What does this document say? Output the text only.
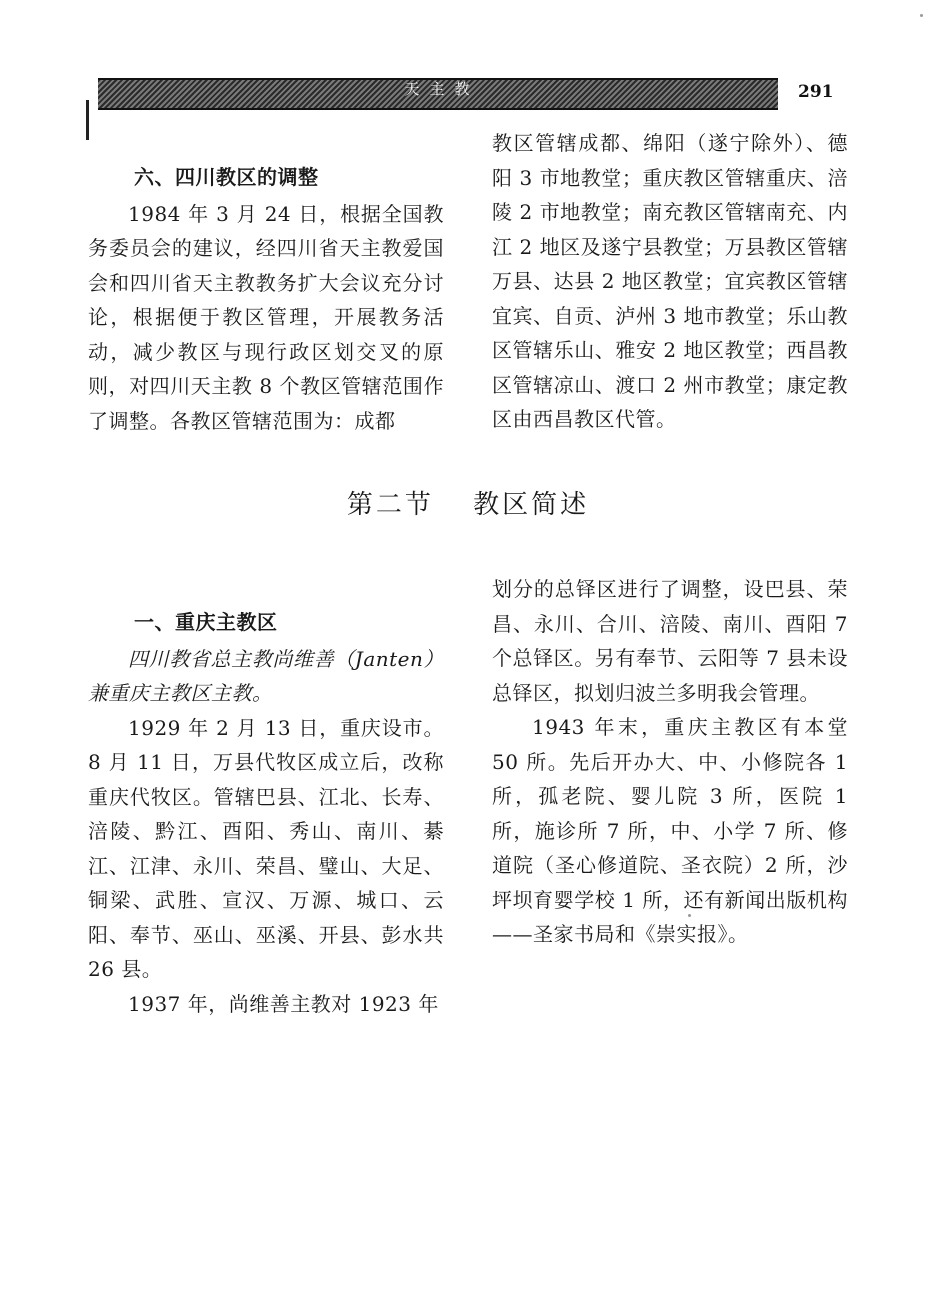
天主教	291
六、四川教区的调整

1984 年 3 月 24 日，根据全国教务委员会的建议，经四川省天主教爱国会和四川省天主教教务扩大会议充分讨论，根据便于教区管理，开展教务活动，减少教区与现行政区划交叉的原则，对四川天主教 8 个教区管辖范围作了调整。各教区管辖范围为：成都

教区管辖成都、绵阳（遂宁除外）、德阳 3 市地教堂；重庆教区管辖重庆、涪陵 2 市地教堂；南充教区管辖南充、内江 2 地区及遂宁县教堂；万县教区管辖万县、达县 2 地区教堂；宜宾教区管辖宜宾、自贡、泸州 3 地市教堂；乐山教区管辖乐山、雅安 2 地区教堂；西昌教区管辖凉山、渡口 2 州市教堂；康定教区由西昌教区代管。

第二节 教区简述
一、重庆主教区

四川教省总主教尚维善（Janten）兼重庆主教区主教。

1929 年 2 月 13 日，重庆设市。8 月 11 日，万县代牧区成立后，改称重庆代牧区。管辖巴县、江北、长寿、涪陵、黔江、酉阳、秀山、南川、綦江、江津、永川、荣昌、璧山、大足、铜梁、武胜、宣汉、万源、城口、云阳、奉节、巫山、巫溪、开县、彭水共 26 县。

1937 年，尚维善主教对 1923 年

划分的总铎区进行了调整，设巴县、荣昌、永川、合川、涪陵、南川、酉阳 7 个总铎区。另有奉节、云阳等 7 县未设总铎区，拟划归波兰多明我会管理。

1943 年末，重庆主教区有本堂 50 所。先后开办大、中、小修院各 1 所，孤老院、婴儿院 3 所，医院 1 所，施诊所 7 所，中、小学 7 所、修道院（圣心修道院、圣衣院）2 所，沙坪坝育婴学校 1 所，还有新闻出版机构——圣家书局和《崇实报》。
